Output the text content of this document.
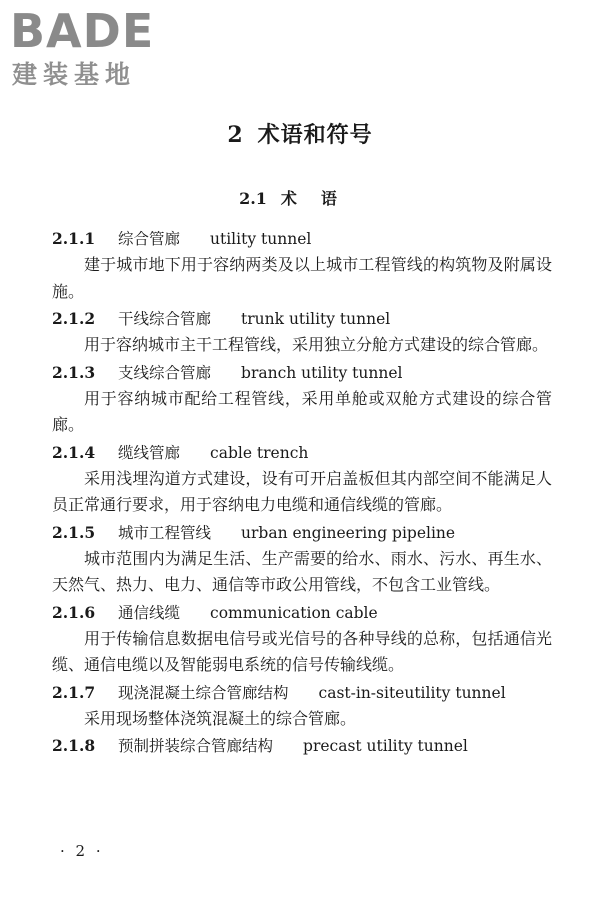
BADE
建装基地
2 术语和符号
2.1 术语
2.1.1 综合管廊 utility tunnel

建于城市地下用于容纳两类及以上城市工程管线的构筑物及附属设施。

2.1.2 干线综合管廊 trunk utility tunnel

用于容纳城市主干工程管线，采用独立分舱方式建设的综合管廊。

2.1.3 支线综合管廊 branch utility tunnel

用于容纳城市配给工程管线，采用单舱或双舱方式建设的综合管廊。

2.1.4 缆线管廊 cable trench

采用浅埋沟道方式建设，设有可开启盖板但其内部空间不能满足人员正常通行要求，用于容纳电力电缆和通信线缆的管廊。

2.1.5 城市工程管线 urban engineering pipeline

城市范围内为满足生活、生产需要的给水、雨水、污水、再生水、天然气、热力、电力、通信等市政公用管线，不包含工业管线。

2.1.6 通信线缆 communication cable

用于传输信息数据电信号或光信号的各种导线的总称，包括通信光缆、通信电缆以及智能弱电系统的信号传输线缆。

2.1.7 现浇混凝土综合管廊结构 cast-in-siteutility tunnel

采用现场整体浇筑混凝土的综合管廊。

2.1.8 预制拼装综合管廊结构 precast utility tunnel
· 2 ·
